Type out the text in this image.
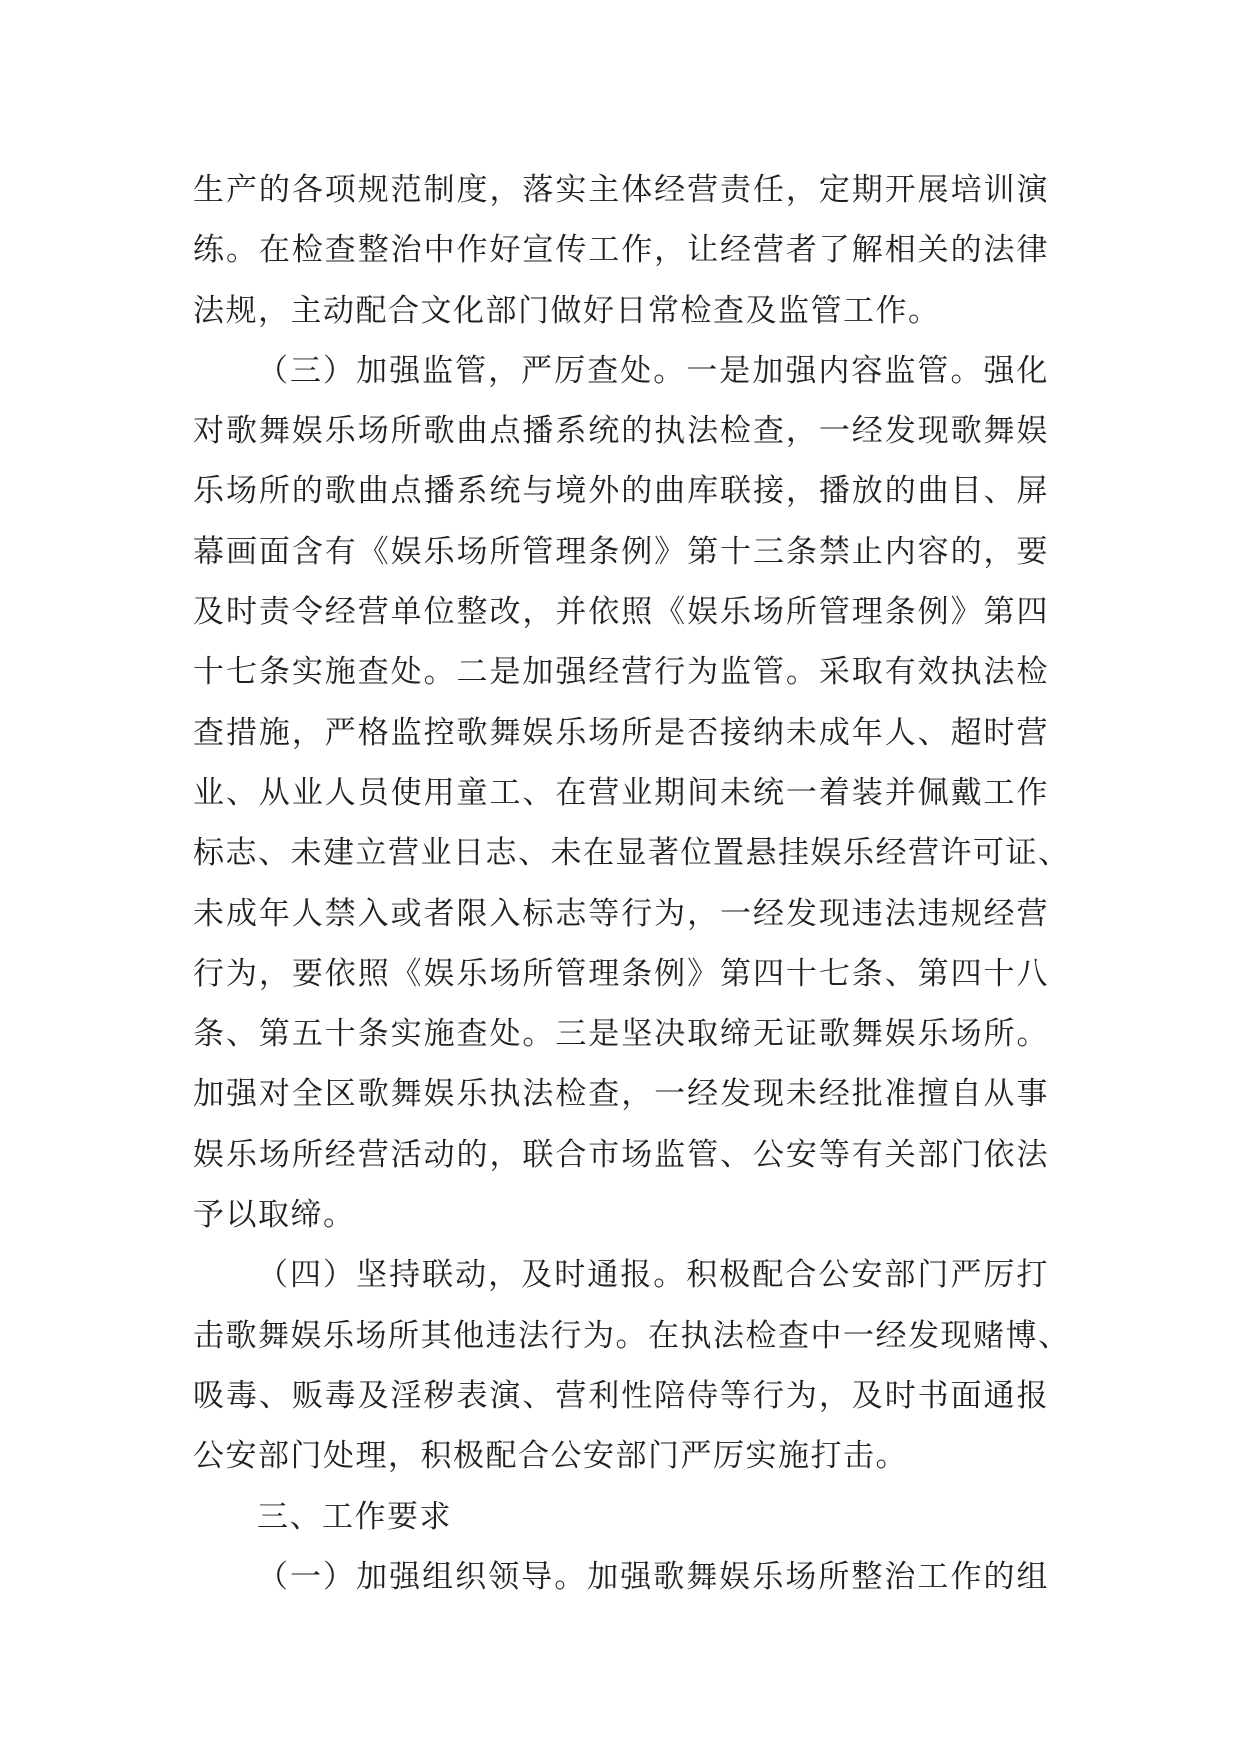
生产的各项规范制度，落实主体经营责任，定期开展培训演
练。在检查整治中作好宣传工作，让经营者了解相关的法律
法规，主动配合文化部门做好日常检查及监管工作。
（三）加强监管，严厉查处。一是加强内容监管。强化
对歌舞娱乐场所歌曲点播系统的执法检查，一经发现歌舞娱
乐场所的歌曲点播系统与境外的曲库联接，播放的曲目、屏
幕画面含有《娱乐场所管理条例》第十三条禁止内容的，要
及时责令经营单位整改，并依照《娱乐场所管理条例》第四
十七条实施查处。二是加强经营行为监管。采取有效执法检
查措施，严格监控歌舞娱乐场所是否接纳未成年人、超时营
业、从业人员使用童工、在营业期间未统一着装并佩戴工作
标志、未建立营业日志、未在显著位置悬挂娱乐经营许可证、
未成年人禁入或者限入标志等行为，一经发现违法违规经营
行为，要依照《娱乐场所管理条例》第四十七条、第四十八
条、第五十条实施查处。三是坚决取缔无证歌舞娱乐场所。
加强对全区歌舞娱乐执法检查，一经发现未经批准擅自从事
娱乐场所经营活动的，联合市场监管、公安等有关部门依法
予以取缔。
（四）坚持联动，及时通报。积极配合公安部门严厉打
击歌舞娱乐场所其他违法行为。在执法检查中一经发现赌博、
吸毒、贩毒及淫秽表演、营利性陪侍等行为，及时书面通报
公安部门处理，积极配合公安部门严厉实施打击。
三、工作要求
（一）加强组织领导。加强歌舞娱乐场所整治工作的组
